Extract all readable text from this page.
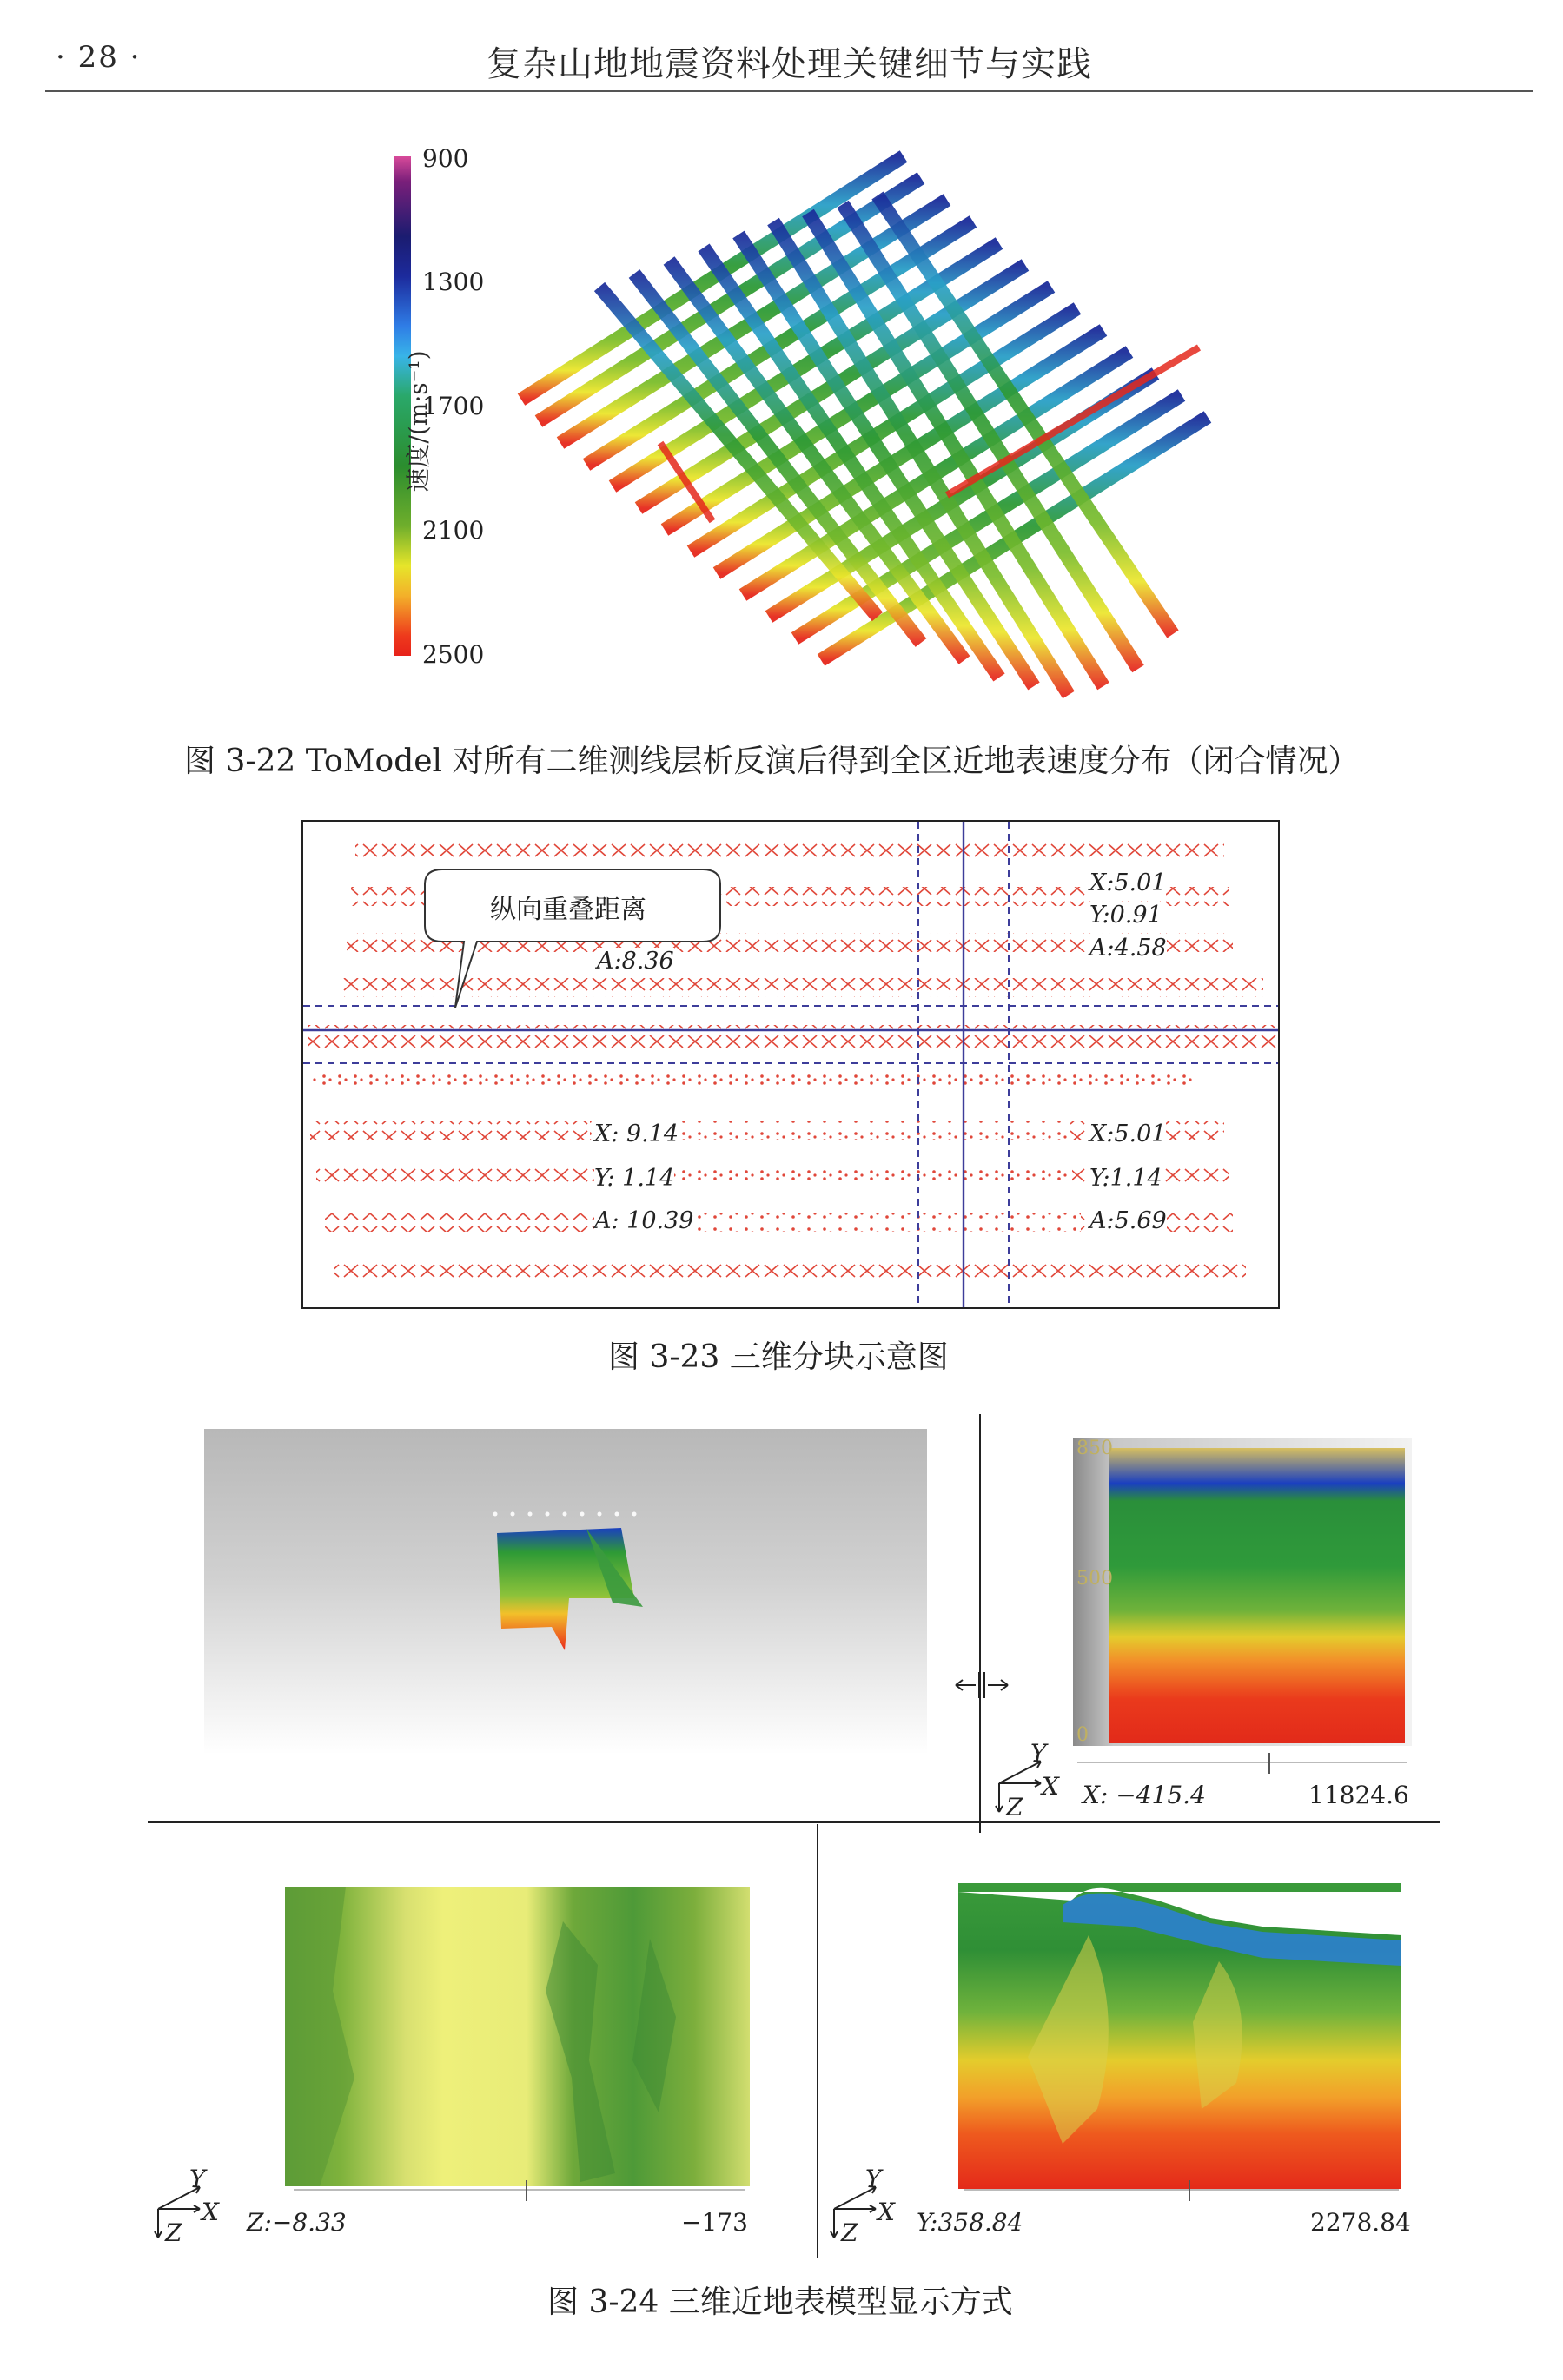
· 28 ·	复杂山地地震资料处理关键细节与实践
900
1300
1700
2100
2500
速度/(m·s⁻¹)
图 3-22 ToModel 对所有二维测线层析反演后得到全区近地表速度分布（闭合情况）
纵向重叠距离
A:8.36
X:5.01
Y:0.91
A:4.58
X: 9.14
Y: 1.14
A: 10.39
X:5.01
Y:1.14
A:5.69
图 3-23 三维分块示意图
850
500
0
Y
X
Z X: −415.4	11824.6
Y
X
Z	Z:−8.33	−173
Y
X
Z Y:358.84	2278.84
图 3-24 三维近地表模型显示方式
